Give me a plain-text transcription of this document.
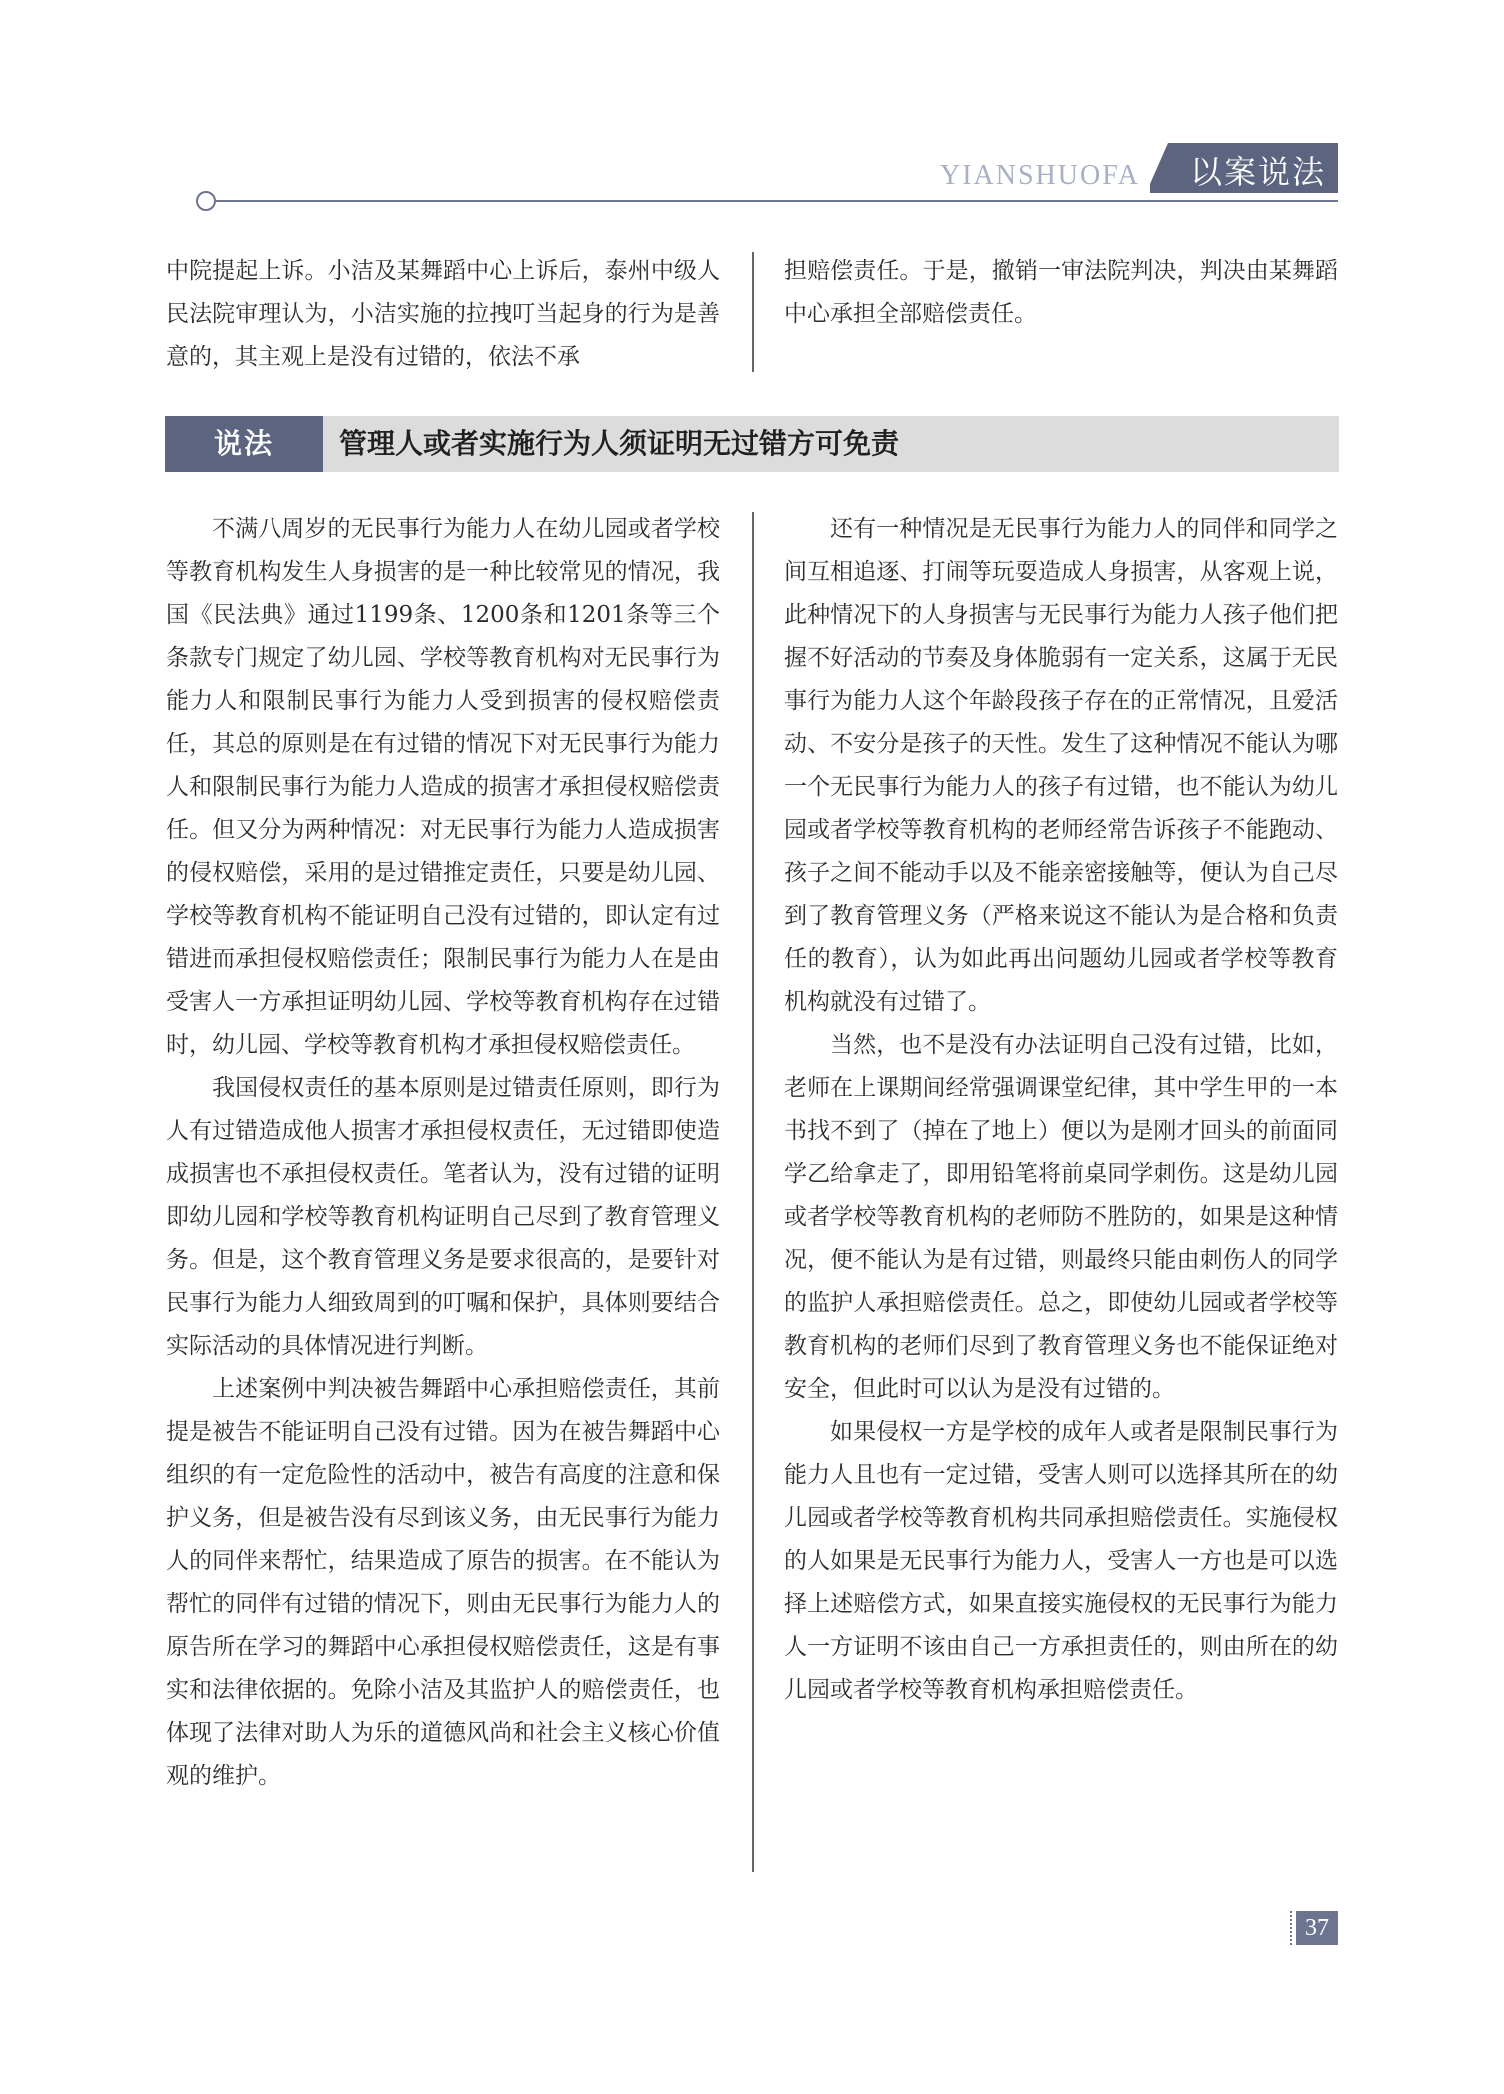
YIANSHUOFA 以案说法

中院提起上诉。小洁及某舞蹈中心上诉后，泰州中级人民法院审理认为，小洁实施的拉拽叮当起身的行为是善意的，其主观上是没有过错的，依法不承

担赔偿责任。于是，撤销一审法院判决，判决由某舞蹈中心承担全部赔偿责任。

说法	管理人或者实施行为人须证明无过错方可免责

不满八周岁的无民事行为能力人在幼儿园或者学校等教育机构发生人身损害的是一种比较常见的情况，我国《民法典》通过1199条、1200条和1201条等三个条款专门规定了幼儿园、学校等教育机构对无民事行为能力人和限制民事行为能力人受到损害的侵权赔偿责任，其总的原则是在有过错的情况下对无民事行为能力人和限制民事行为能力人造成的损害才承担侵权赔偿责任。但又分为两种情况：对无民事行为能力人造成损害的侵权赔偿，采用的是过错推定责任，只要是幼儿园、学校等教育机构不能证明自己没有过错的，即认定有过错进而承担侵权赔偿责任；限制民事行为能力人在是由受害人一方承担证明幼儿园、学校等教育机构存在过错时，幼儿园、学校等教育机构才承担侵权赔偿责任。

我国侵权责任的基本原则是过错责任原则，即行为人有过错造成他人损害才承担侵权责任，无过错即使造成损害也不承担侵权责任。笔者认为，没有过错的证明即幼儿园和学校等教育机构证明自己尽到了教育管理义务。但是，这个教育管理义务是要求很高的，是要针对民事行为能力人细致周到的叮嘱和保护，具体则要结合实际活动的具体情况进行判断。

上述案例中判决被告舞蹈中心承担赔偿责任，其前提是被告不能证明自己没有过错。因为在被告舞蹈中心组织的有一定危险性的活动中，被告有高度的注意和保护义务，但是被告没有尽到该义务，由无民事行为能力人的同伴来帮忙，结果造成了原告的损害。在不能认为帮忙的同伴有过错的情况下，则由无民事行为能力人的原告所在学习的舞蹈中心承担侵权赔偿责任，这是有事实和法律依据的。免除小洁及其监护人的赔偿责任，也体现了法律对助人为乐的道德风尚和社会主义核心价值观的维护。

还有一种情况是无民事行为能力人的同伴和同学之间互相追逐、打闹等玩耍造成人身损害，从客观上说，此种情况下的人身损害与无民事行为能力人孩子他们把握不好活动的节奏及身体脆弱有一定关系，这属于无民事行为能力人这个年龄段孩子存在的正常情况，且爱活动、不安分是孩子的天性。发生了这种情况不能认为哪一个无民事行为能力人的孩子有过错，也不能认为幼儿园或者学校等教育机构的老师经常告诉孩子不能跑动、孩子之间不能动手以及不能亲密接触等，便认为自己尽到了教育管理义务（严格来说这不能认为是合格和负责任的教育），认为如此再出问题幼儿园或者学校等教育机构就没有过错了。

当然，也不是没有办法证明自己没有过错，比如，老师在上课期间经常强调课堂纪律，其中学生甲的一本书找不到了（掉在了地上）便以为是刚才回头的前面同学乙给拿走了，即用铅笔将前桌同学刺伤。这是幼儿园或者学校等教育机构的老师防不胜防的，如果是这种情况，便不能认为是有过错，则最终只能由刺伤人的同学的监护人承担赔偿责任。总之，即使幼儿园或者学校等教育机构的老师们尽到了教育管理义务也不能保证绝对安全，但此时可以认为是没有过错的。

如果侵权一方是学校的成年人或者是限制民事行为能力人且也有一定过错，受害人则可以选择其所在的幼儿园或者学校等教育机构共同承担赔偿责任。实施侵权的人如果是无民事行为能力人，受害人一方也是可以选择上述赔偿方式，如果直接实施侵权的无民事行为能力人一方证明不该由自己一方承担责任的，则由所在的幼儿园或者学校等教育机构承担赔偿责任。

37
